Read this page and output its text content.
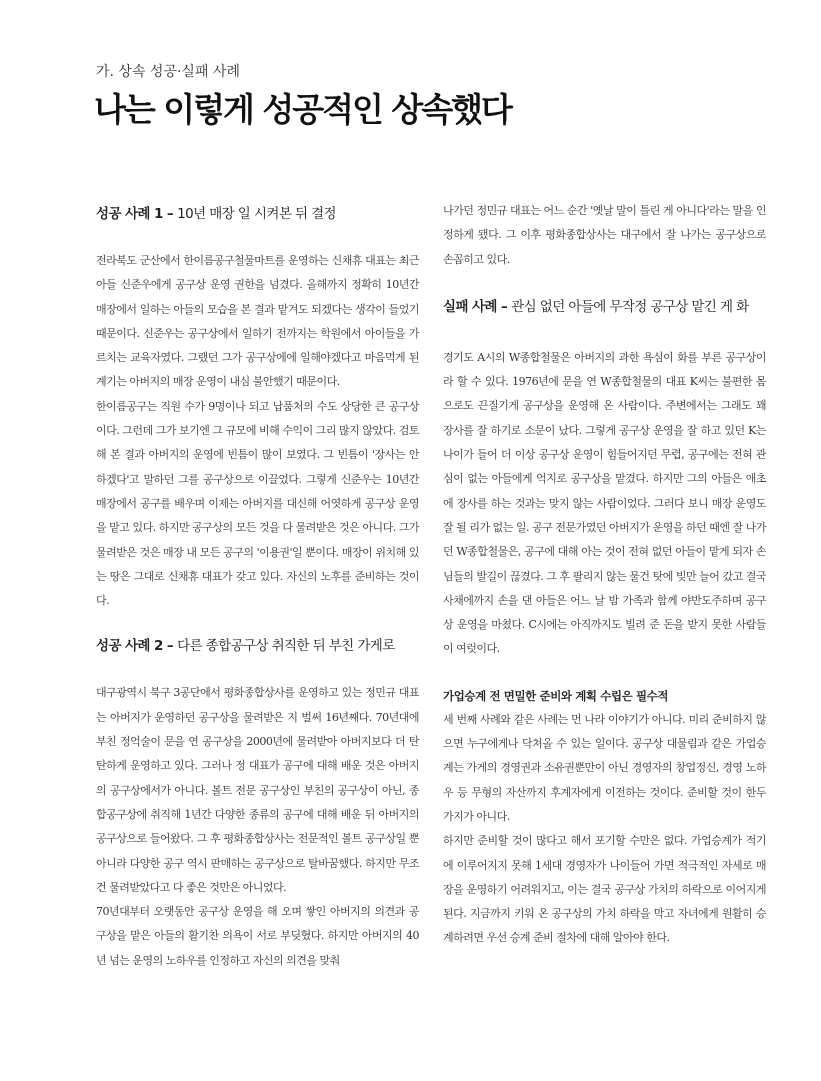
가. 상속 성공·실패 사례
나는 이렇게 성공적인 상속했다
성공 사례 1 – 10년 매장 일 시켜본 뒤 결정

전라북도 군산에서 한이름공구철물마트를 운영하는 신채휴 대표는 최근 아들 신준우에게 공구상 운영 권한을 넘겼다. 올해까지 정확히 10년간 매장에서 일하는 아들의 모습을 본 결과 맡겨도 되겠다는 생각이 들었기 때문이다. 신준우는 공구상에서 일하기 전까지는 학원에서 아이들을 가르치는 교육자였다. 그랬던 그가 공구상에에 일해야겠다고 마음먹게 된 계기는 아버지의 매장 운영이 내심 불안했기 때문이다.

한이름공구는 직원 수가 9명이나 되고 납품처의 수도 상당한 큰 공구상이다. 그런데 그가 보기엔 그 규모에 비해 수익이 그리 많지 않았다. 검토해 본 결과 아버지의 운영에 빈틈이 많이 보였다. 그 빈틈이 '장사는 안 하겠다'고 말하던 그를 공구상으로 이끌었다. 그렇게 신준우는 10년간 매장에서 공구를 배우며 이제는 아버지를 대신해 어엿하게 공구상 운영을 맡고 있다. 하지만 공구상의 모든 것을 다 물려받은 것은 아니다. 그가 물려받은 것은 매장 내 모든 공구의 '이용권'일 뿐이다. 매장이 위치해 있는 땅은 그대로 신채휴 대표가 갖고 있다. 자신의 노후를 준비하는 것이다.

성공 사례 2 – 다른 종합공구상 취직한 뒤 부친 가게로

대구광역시 북구 3공단에서 평화종합상사를 운영하고 있는 정민규 대표는 아버지가 운영하던 공구상을 물려받은 지 벌써 16년째다. 70년대에 부친 정억술이 문을 연 공구상을 2000년에 물려받아 아버지보다 더 탄탄하게 운영하고 있다. 그러나 정 대표가 공구에 대해 배운 것은 아버지의 공구상에서가 아니다. 볼트 전문 공구상인 부친의 공구상이 아닌, 종합공구상에 취직해 1년간 다양한 종류의 공구에 대해 배운 뒤 아버지의 공구상으로 들어왔다. 그 후 평화종합상사는 전문적인 볼트 공구상일 뿐 아니라 다양한 공구 역시 판매하는 공구상으로 탈바꿈했다. 하지만 무조건 물려받았다고 다 좋은 것만은 아니었다.

70년대부터 오랫동안 공구상 운영을 해 오며 쌓인 아버지의 의견과 공구상을 맡은 아들의 활기찬 의욕이 서로 부딪혔다. 하지만 아버지의 40년 넘는 운영의 노하우를 인정하고 자신의 의견을 맞춰

나가던 정민규 대표는 어느 순간 '옛날 말이 틀린 게 아니다'라는 말을 인정하게 됐다. 그 이후 평화종합상사는 대구에서 잘 나가는 공구상으로 손꼽히고 있다.

실패 사례 – 관심 없던 아들에 무작정 공구상 맡긴 게 화

경기도 A시의 W종합철물은 아버지의 과한 욕심이 화를 부른 공구상이라 할 수 있다. 1976년에 문을 연 W종합철물의 대표 K씨는 불편한 몸으로도 끈질기게 공구상을 운영해 온 사람이다. 주변에서는 그래도 꽤 장사를 잘 하기로 소문이 났다. 그렇게 공구상 운영을 잘 하고 있던 K는 나이가 들어 더 이상 공구상 운영이 힘들어지던 무렵, 공구에는 전혀 관심이 없는 아들에게 억지로 공구상을 맡겼다. 하지만 그의 아들은 애초에 장사를 하는 것과는 맞지 않는 사람이었다. 그러다 보니 매장 운영도 잘 될 리가 없는 일. 공구 전문가였던 아버지가 운영을 하던 때엔 잘 나가던 W종합철물은, 공구에 대해 아는 것이 전혀 없던 아들이 맡게 되자 손님들의 발길이 끊겼다. 그 후 팔리지 않는 물건 탓에 빚만 늘어 갔고 결국 사채에까지 손을 댄 아들은 어느 날 밤 가족과 함께 야반도주하며 공구상 운영을 마쳤다. C시에는 아직까지도 빌려 준 돈을 받지 못한 사람들이 여럿이다.

가업승계 전 면밀한 준비와 계획 수립은 필수적

세 번째 사례와 같은 사례는 먼 나라 이야기가 아니다. 미리 준비하지 않으면 누구에게나 닥쳐올 수 있는 일이다. 공구상 대물림과 같은 가업승계는 가게의 경영권과 소유권뿐만이 아닌 경영자의 창업정신, 경영 노하우 등 무형의 자산까지 후계자에게 이전하는 것이다. 준비할 것이 한두 가지가 아니다.

하지만 준비할 것이 많다고 해서 포기할 수만은 없다. 가업승계가 적기에 이루어지지 못해 1세대 경영자가 나이들어 가면 적극적인 자세로 매장을 운영하기 어려워지고, 이는 결국 공구상 가치의 하락으로 이어지게 된다. 지금까지 키워 온 공구상의 가치 하락을 막고 자녀에게 원활히 승계하려면 우선 승계 준비 절차에 대해 알아야 한다.
